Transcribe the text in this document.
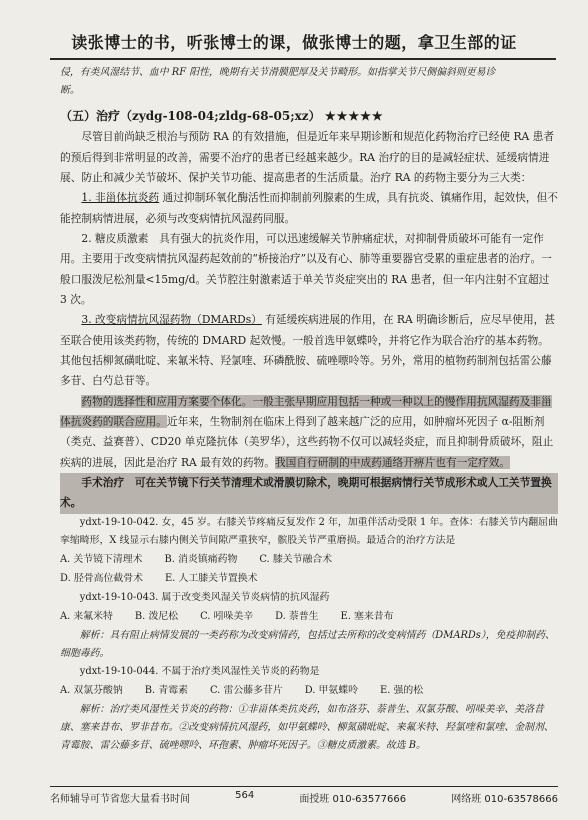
读张博士的书，听张博士的课，做张博士的题，拿卫生部的证
侵，有类风湿结节、血中 RF 阳性，晚期有关节滑膜肥厚及关节畸形。如指掌关节尺侧偏斜则更易诊
断。
（五）治疗（zydg-108-04;zldg-68-05;xz） ★★★★★
尽管目前尚缺乏根治与预防 RA 的有效措施，但是近年来早期诊断和规范化药物治疗已经使 RA 患者的预后得到非常明显的改善，需要不治疗的患者已经越来越少。RA 治疗的目的是减轻症状、延缓病情进展、防止和减少关节破坏、保护关节功能、提高患者的生活质量。治疗 RA 的药物主要分为三大类：
1. 非甾体抗炎药 通过抑制环氧化酶活性而抑制前列腺素的生成，具有抗炎、镇痛作用，起效快，但不能控制病情进展，必须与改变病情抗风湿药同服。
2. 糖皮质激素　具有强大的抗炎作用，可以迅速缓解关节肿痛症状，对抑制骨质破坏可能有一定作用。主要用于改变病情抗风湿药起效前的“桥接治疗”以及有心、肺等重要器官受累的重症患者的治疗。一般口服泼尼松剂量<15mg/d。关节腔注射激素适于单关节炎症突出的 RA 患者，但一年内注射不宜超过 3 次。
3. 改变病情抗风湿药物（DMARDs） 有延缓疾病进展的作用，在 RA 明确诊断后，应尽早使用，甚至联合使用该类药物，传统的 DMARD 起效慢。一般首选甲氨蝶呤，并将它作为联合治疗的基本药物。其他包括柳氮磺吡啶、来氟米特、羟氯喹、环磷酰胺、硫唑嘌呤等。另外，常用的植物药制剂包括雷公藤多苷、白芍总苷等。
药物的选择性和应用方案要个体化。一般主张早期应用包括一种或一种以上的慢作用抗风湿药及非甾体抗炎药的联合应用。近年来，生物制剂在临床上得到了越来越广泛的应用，如肿瘤坏死因子 α-阻断剂（类克、益赛普）、CD20 单克隆抗体（美罗华），这些药物不仅可以减轻炎症，而且抑制骨质破坏，阻止疾病的进展，因此是治疗 RA 最有效的药物。我国自行研制的中成药通络开痹片也有一定疗效。
手术治疗　可在关节镜下行关节清理术或滑膜切除术，晚期可根据病情行关节成形术或人工关节置换术。
ydxt-19-10-042. 女，45 岁。右膝关节疼痛反复发作 2 年，加重伴活动受限 1 年。查体：右膝关节内翻屈曲挛缩畸形，X 线显示右膝内侧关节间隙严重狭窄，髌股关节严重磨损。最适合的治疗方法是
A. 关节镜下清理术 B. 消炎镇痛药物 C. 膝关节融合术
D. 胫骨高位截骨术 E. 人工膝关节置换术
ydxt-19-10-043. 属于改变类风湿关节炎病情的抗风湿药
A. 来氟米特 B. 泼尼松 C. 吲哚美辛 D. 萘普生 E. 塞来昔布
解析：具有阻止病情发展的一类药称为改变病情药，包括过去所称的改变病情药（DMARDs），免疫抑制药、细胞毒药。
ydxt-19-10-044. 不属于治疗类风湿性关节炎的药物是
A. 双氯芬酸钠 B. 青霉素 C. 雷公藤多苷片 D. 甲氨蝶呤 E. 强的松
解析：治疗类风湿性关节炎的药物：①非甾体类抗炎药，如布洛芬、萘普生、双氯芬酸、吲哚美辛、美洛昔康、塞来昔布、罗非昔布。②改变病情抗风湿药，如甲氨蝶呤、柳氮磺吡啶、来氟米特、羟氯喹和氯喹、金制剂、青霉胺、雷公藤多苷、硫唑嘌呤、环孢素、肿瘤坏死因子。③糖皮质激素。故选 B。
名师辅导可节省您大量看书时间	564	面授班 010-63577666	网络班 010-63578666
